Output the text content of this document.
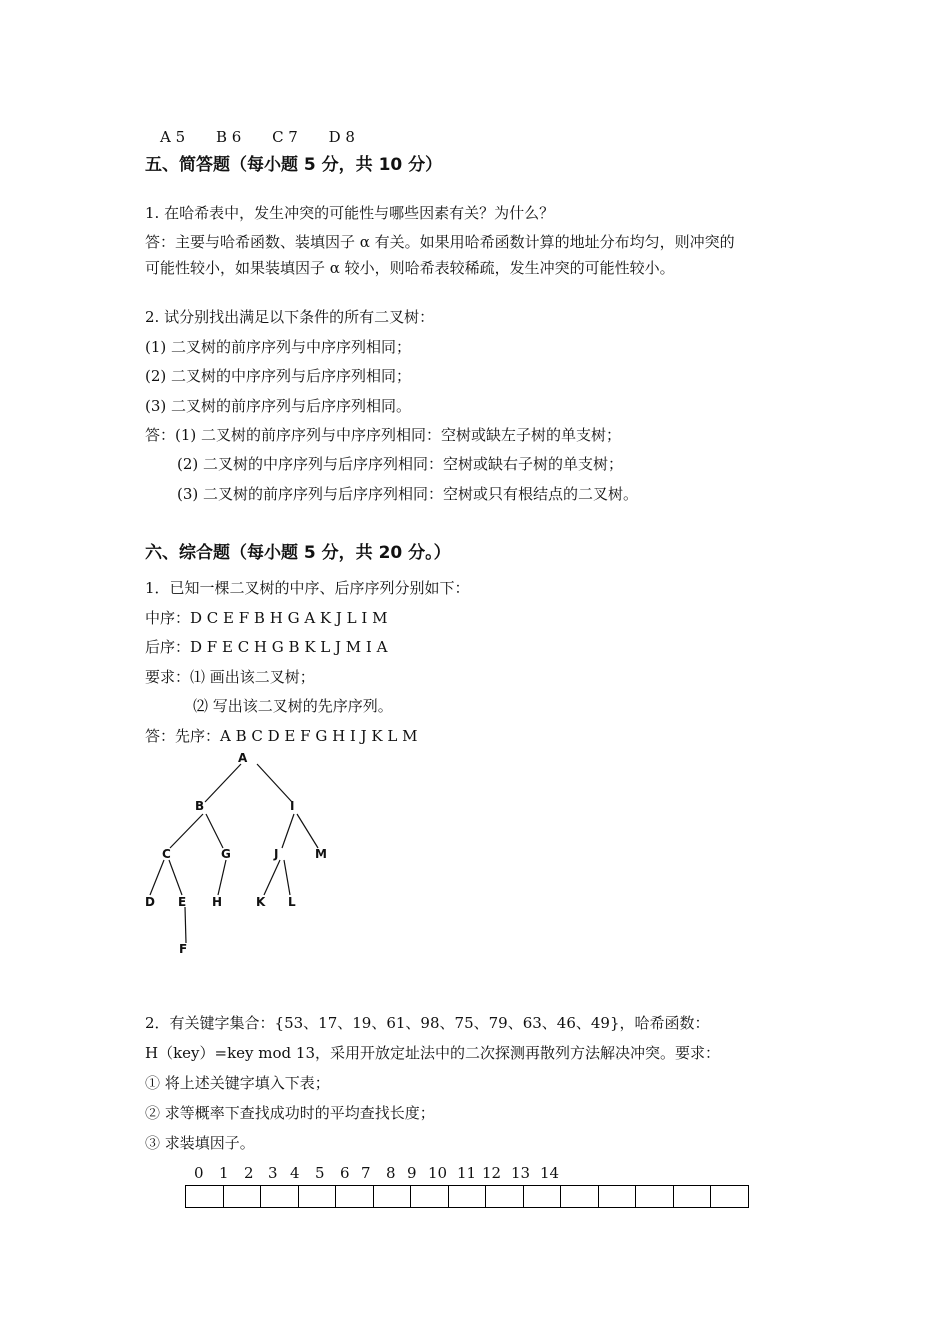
A 5 B 6 C 7 D 8
五、简答题（每小题 5 分，共 10 分）
1. 在哈希表中，发生冲突的可能性与哪些因素有关？为什么？
答：主要与哈希函数、装填因子 α 有关。如果用哈希函数计算的地址分布均匀，则冲突的
可能性较小，如果装填因子 α 较小，则哈希表较稀疏，发生冲突的可能性较小。
2. 试分别找出满足以下条件的所有二叉树：
(1) 二叉树的前序序列与中序序列相同；
(2) 二叉树的中序序列与后序序列相同；
(3) 二叉树的前序序列与后序序列相同。
答：(1) 二叉树的前序序列与中序序列相同：空树或缺左子树的单支树；
(2) 二叉树的中序序列与后序序列相同：空树或缺右子树的单支树；
(3) 二叉树的前序序列与后序序列相同：空树或只有根结点的二叉树。
六、综合题（每小题 5 分，共 20 分。）
1．已知一棵二叉树的中序、后序序列分别如下：
中序：D C E F B H G A K J L I M
后序：D F E C H G B K L J M I A
要求：⑴ 画出该二叉树；
⑵ 写出该二叉树的先序序列。
答：先序：A B C D E F G H I J K L M
A
B	I
C	G	J	M
D E H	K L
F
2．有关键字集合：{53、17、19、61、98、75、79、63、46、49}，哈希函数：
H（key）=key mod 13，采用开放定址法中的二次探测再散列方法解决冲突。要求：
① 将上述关键字填入下表；
② 求等概率下查找成功时的平均查找长度；
③ 求装填因子。
0 1 2 3 4 5 6 7 8 9 10 11 12 13 14
